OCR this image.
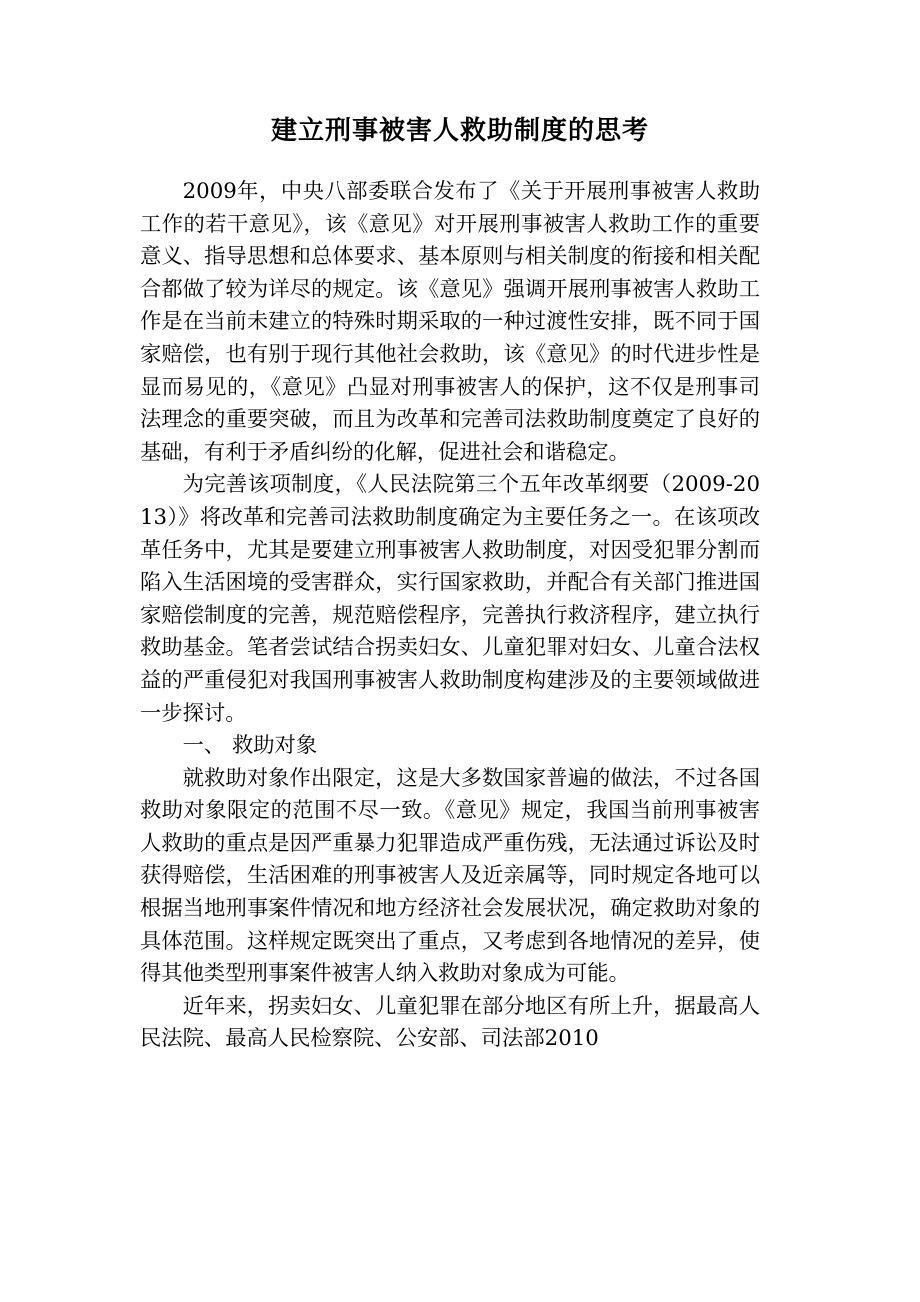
建立刑事被害人救助制度的思考

2009年，中央八部委联合发布了《关于开展刑事被害人救助工作的若干意见》，该《意见》对开展刑事被害人救助工作的重要意义、指导思想和总体要求、基本原则与相关制度的衔接和相关配合都做了较为详尽的规定。该《意见》强调开展刑事被害人救助工作是在当前未建立的特殊时期采取的一种过渡性安排，既不同于国家赔偿，也有别于现行其他社会救助，该《意见》的时代进步性是显而易见的，《意见》凸显对刑事被害人的保护，这不仅是刑事司法理念的重要突破，而且为改革和完善司法救助制度奠定了良好的基础，有利于矛盾纠纷的化解，促进社会和谐稳定。

为完善该项制度，《人民法院第三个五年改革纲要（2009-2013）》将改革和完善司法救助制度确定为主要任务之一。在该项改革任务中，尤其是要建立刑事被害人救助制度，对因受犯罪分割而陷入生活困境的受害群众，实行国家救助，并配合有关部门推进国家赔偿制度的完善，规范赔偿程序，完善执行救济程序，建立执行救助基金。笔者尝试结合拐卖妇女、儿童犯罪对妇女、儿童合法权益的严重侵犯对我国刑事被害人救助制度构建涉及的主要领域做进一步探讨。

一、 救助对象

就救助对象作出限定，这是大多数国家普遍的做法，不过各国救助对象限定的范围不尽一致。《意见》规定，我国当前刑事被害人救助的重点是因严重暴力犯罪造成严重伤残，无法通过诉讼及时获得赔偿，生活困难的刑事被害人及近亲属等，同时规定各地可以根据当地刑事案件情况和地方经济社会发展状况，确定救助对象的具体范围。这样规定既突出了重点，又考虑到各地情况的差异，使得其他类型刑事案件被害人纳入救助对象成为可能。

近年来，拐卖妇女、儿童犯罪在部分地区有所上升，据最高人民法院、最高人民检察院、公安部、司法部2010
